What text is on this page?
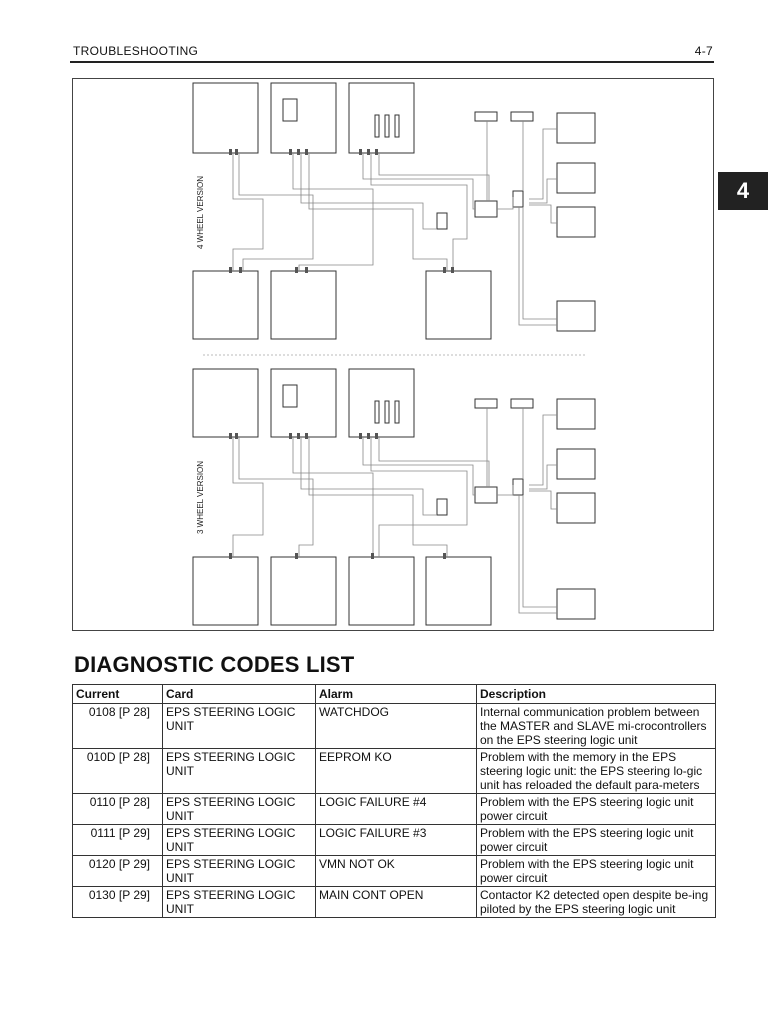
TROUBLESHOOTING	4-7
4
4 WHEEL VERSION
3 WHEEL VERSION
DIAGNOSTIC CODES LIST
Current	Card	Alarm	Description
0108 [P 28]	EPS STEERING LOGIC UNIT	WATCHDOG	Internal communication problem between the MASTER and SLAVE mi-crocontrollers on the EPS steering logic unit
010D [P 28]	EPS STEERING LOGIC UNIT	EEPROM KO	Problem with the memory in the EPS steering logic unit: the EPS steering lo-gic unit has reloaded the default para-meters
0110 [P 28]	EPS STEERING LOGIC UNIT	LOGIC FAILURE #4	Problem with the EPS steering logic unit power circuit
0111 [P 29]	EPS STEERING LOGIC UNIT	LOGIC FAILURE #3	Problem with the EPS steering logic unit power circuit
0120 [P 29]	EPS STEERING LOGIC UNIT	VMN NOT OK	Problem with the EPS steering logic unit power circuit
0130 [P 29]	EPS STEERING LOGIC UNIT	MAIN CONT OPEN	Contactor K2 detected open despite be-ing piloted by the EPS steering logic unit
